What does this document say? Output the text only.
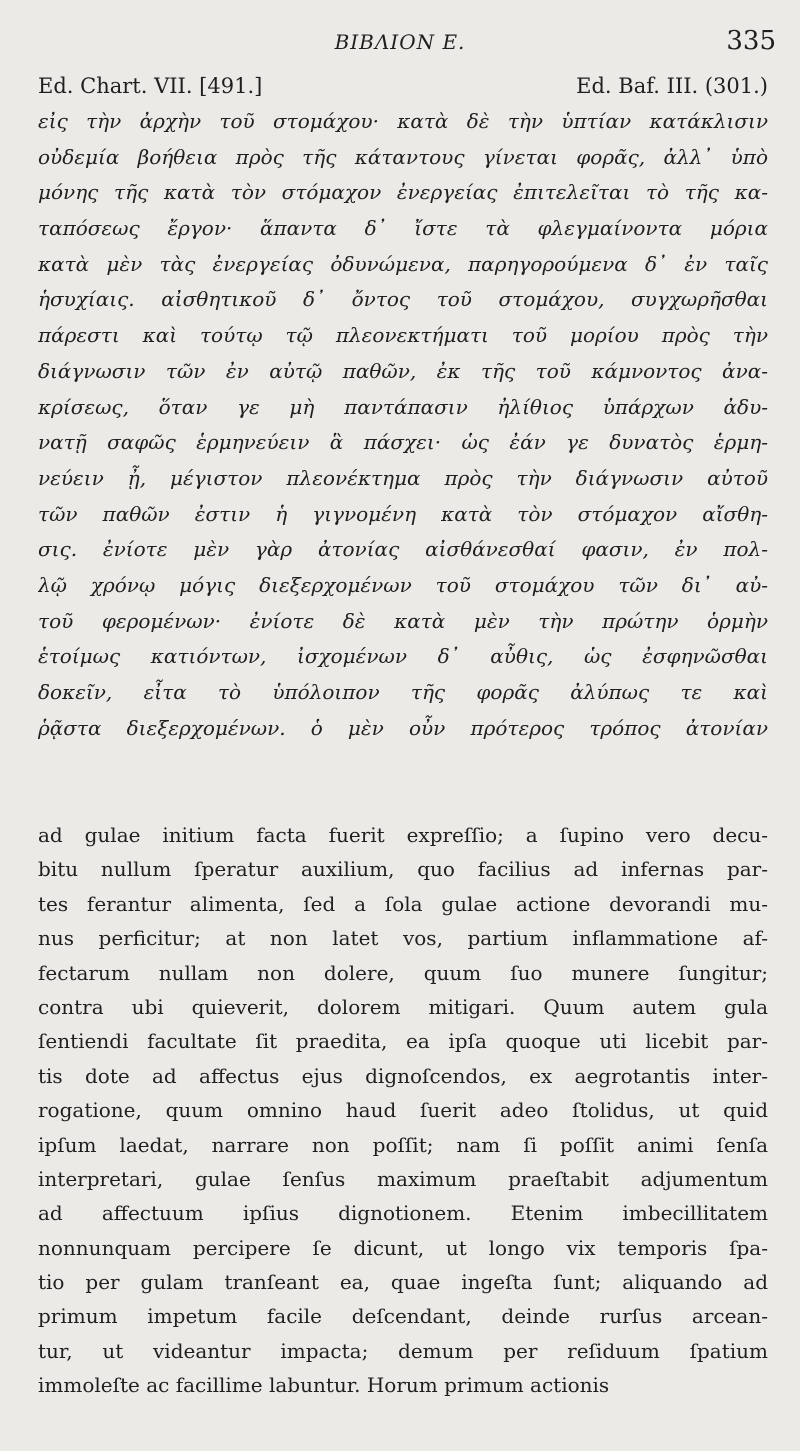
ΒΙΒΛΙΟΝ Ε.	335
Ed. Chart. VII. [491.]	Ed. Baf. III. (301.)
εἰς τὴν ἀρχὴν τοῦ στομάχου· κατὰ δὲ τὴν ὑπτίαν κατάκλισιν
οὐδεμία βοήθεια πρὸς τῆς κάταντους γίνεται φορᾶς, ἀλλ᾽ ὑπὸ
μόνης τῆς κατὰ τὸν στόμαχον ἐνεργείας ἐπιτελεῖται τὸ τῆς κα-
ταπόσεως ἔργον· ἅπαντα δ᾽ ἴστε τὰ φλεγμαίνοντα μόρια
κατὰ μὲν τὰς ἐνεργείας ὀδυνώμενα, παρηγορούμενα δ᾽ ἐν ταῖς
ἡσυχίαις. αἰσθητικοῦ δ᾽ ὄντος τοῦ στομάχου, συγχωρῆσθαι
πάρεστι καὶ τούτῳ τῷ πλεονεκτήματι τοῦ μορίου πρὸς τὴν
διάγνωσιν τῶν ἐν αὐτῷ παθῶν, ἐκ τῆς τοῦ κάμνοντος ἀνα-
κρίσεως, ὅταν γε μὴ παντάπασιν ἠλίθιος ὑπάρχων ἀδυ-
νατῇ σαφῶς ἑρμηνεύειν ἃ πάσχει· ὡς ἐάν γε δυνατὸς ἑρμη-
νεύειν ᾖ, μέγιστον πλεονέκτημα πρὸς τὴν διάγνωσιν αὐτοῦ
τῶν παθῶν ἐστιν ἡ γιγνομένη κατὰ τὸν στόμαχον αἴσθη-
σις. ἐνίοτε μὲν γὰρ ἀτονίας αἰσθάνεσθαί φασιν, ἐν πολ-
λῷ χρόνῳ μόγις διεξερχομένων τοῦ στομάχου τῶν δι᾽ αὐ-
τοῦ φερομένων· ἐνίοτε δὲ κατὰ μὲν τὴν πρώτην ὁρμὴν
ἑτοίμως κατιόντων, ἰσχομένων δ᾽ αὖθις, ὡς ἐσφηνῶσθαι
δοκεῖν, εἶτα τὸ ὑπόλοιπον τῆς φορᾶς ἀλύπως τε καὶ
ῥᾷστα διεξερχομένων. ὁ μὲν οὖν πρότερος τρόπος ἀτονίαν
ad gulae initium facta fuerit expreſſio; a ſupino vero decu-
bitu nullum ſperatur auxilium, quo facilius ad infernas par-
tes ferantur alimenta, ſed a ſola gulae actione devorandi mu-
nus perficitur; at non latet vos, partium inflammatione af-
fectarum nullam non dolere, quum ſuo munere ſungitur;
contra ubi quieverit, dolorem mitigari. Quum autem gula
ſentiendi facultate ſit praedita, ea ipſa quoque uti licebit par-
tis dote ad affectus ejus dignoſcendos, ex aegrotantis inter-
rogatione, quum omnino haud ſuerit adeo ſtolidus, ut quid
ipſum laedat, narrare non poſſit; nam ſi poſſit animi ſenſa
interpretari, gulae ſenſus maximum praeſtabit adjumentum
ad affectuum ipſius dignotionem. Etenim imbecillitatem
nonnunquam percipere ſe dicunt, ut longo vix temporis ſpa-
tio per gulam tranſeant ea, quae ingeſta ſunt; aliquando ad
primum impetum facile deſcendant, deinde rurſus arcean-
tur, ut videantur impacta; demum per reſiduum ſpatium
immoleſte ac facillime labuntur. Horum primum actionis
